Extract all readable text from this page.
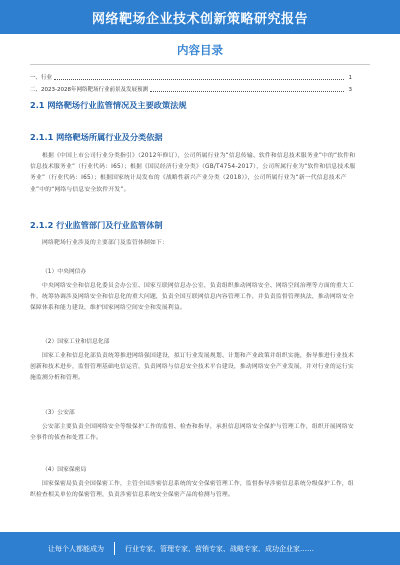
网络靶场企业技术创新策略研究报告
内容目录
一、行业	1
二、2023-2028年网络靶场行业前景及发展预测	3
2.1 网络靶场行业监管情况及主要政策法规
2.1.1 网络靶场所属行业及分类依据
根据《中国上市公司行业分类指引》（2012年修订），公司所属行业为“信息传输、软件和信息技术服务业”中的“软件和信息技术服务业”（行业代码：I65）；根据《国民经济行业分类》（GB/T4754-2017），公司所属行业为“软件和信息技术服务业”（行业代码：I65）；根据国家统计局发布的《战略性新兴产业分类（2018）》，公司所属行业为“新一代信息技术产业”中的“网络与信息安全软件开发”。
2.1.2 行业监管部门及行业监管体制
网络靶场行业涉及的主要部门及监管体制如下：
（1）中央网信办
中央网络安全和信息化委员会办公室、国家互联网信息办公室，负责组织推动网络安全、网络空间治理等方面的重大工作，统筹协调涉及网络安全和信息化的重大问题，负责全国互联网信息内容管理工作，并负责监督管理执法，推动网络安全保障体系和能力建设，维护国家网络空间安全和发展利益。
（2）国家工业和信息化部
国家工业和信息化部负责统筹推进网络强国建设，拟订行业发展规划、计划和产业政策并组织实施，指导推进行业技术创新和技术进步，监督管理基础电信运营，负责网络与信息安全技术平台建设，推动网络安全产业发展，并对行业的运行实施监测分析和管理。
（3）公安部
公安部主要负责全国网络安全等级保护工作的监督、检查和指导，承担信息网络安全保护与管理工作，组织开展网络安全事件的侦查和处置工作。
（4）国家保密局
国家保密局负责全国保密工作，主管全国涉密信息系统的安全保密管理工作，监督指导涉密信息系统分级保护工作，组织检查相关单位的保密管理，负责涉密信息系统安全保密产品的检测与管理。
让每个人都能成为	行业专家、管理专家、营销专家、战略专家、成功企业家……
